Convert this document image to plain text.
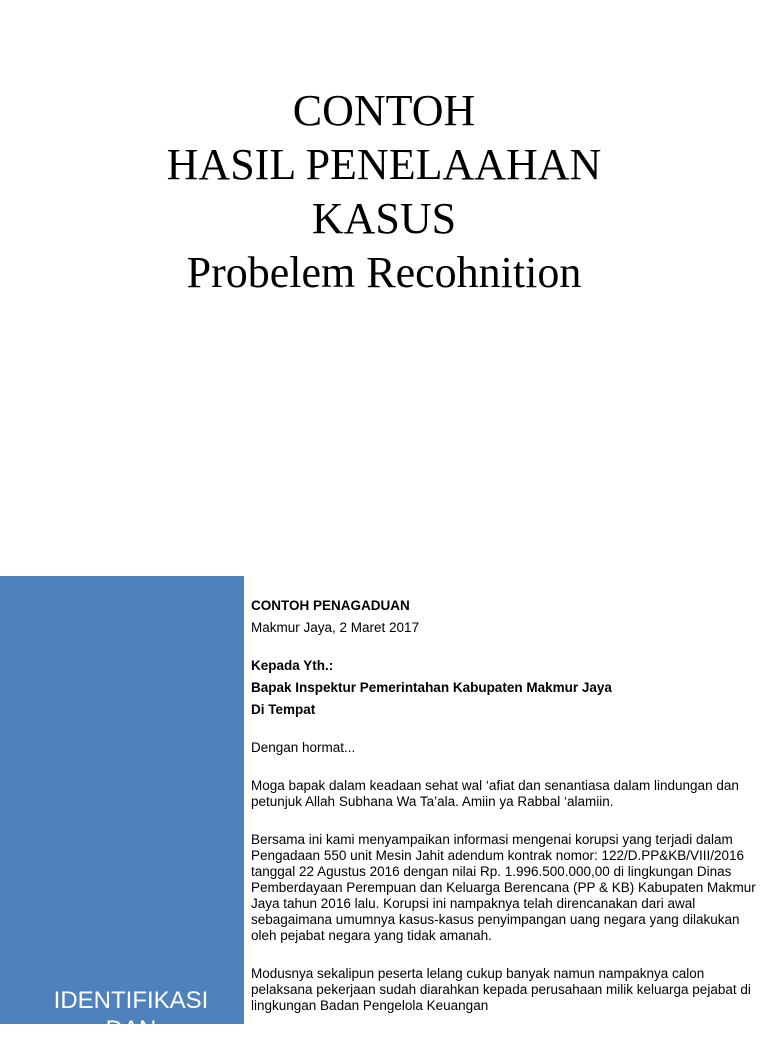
CONTOH
HASIL PENELAAHAN
KASUS
Probelem Recohnition
IDENTIFIKASI
DAN

CONTOH PENAGADUAN

Makmur Jaya, 2 Maret 2017

Kepada Yth.:

Bapak Inspektur Pemerintahan Kabupaten Makmur Jaya

Di Tempat

Dengan hormat...

Moga bapak dalam keadaan sehat wal ‘afiat dan senantiasa dalam lindungan dan petunjuk Allah Subhana Wa Ta’ala. Amiin ya Rabbal ‘alamiin.

Bersama ini kami menyampaikan informasi mengenai korupsi yang terjadi dalam Pengadaan 550 unit Mesin Jahit adendum kontrak nomor: 122/D.PP&KB/VIII/2016 tanggal 22 Agustus 2016 dengan nilai Rp. 1.996.500.000,00 di lingkungan Dinas Pemberdayaan Perempuan dan Keluarga Berencana (PP & KB) Kabupaten Makmur Jaya tahun 2016 lalu. Korupsi ini nampaknya telah direncanakan dari awal sebagaimana umumnya kasus-kasus penyimpangan uang negara yang dilakukan oleh pejabat negara yang tidak amanah.

Modusnya sekalipun peserta lelang cukup banyak namun nampaknya calon pelaksana pekerjaan sudah diarahkan kepada perusahaan milik keluarga pejabat di lingkungan Badan Pengelola Keuangan
